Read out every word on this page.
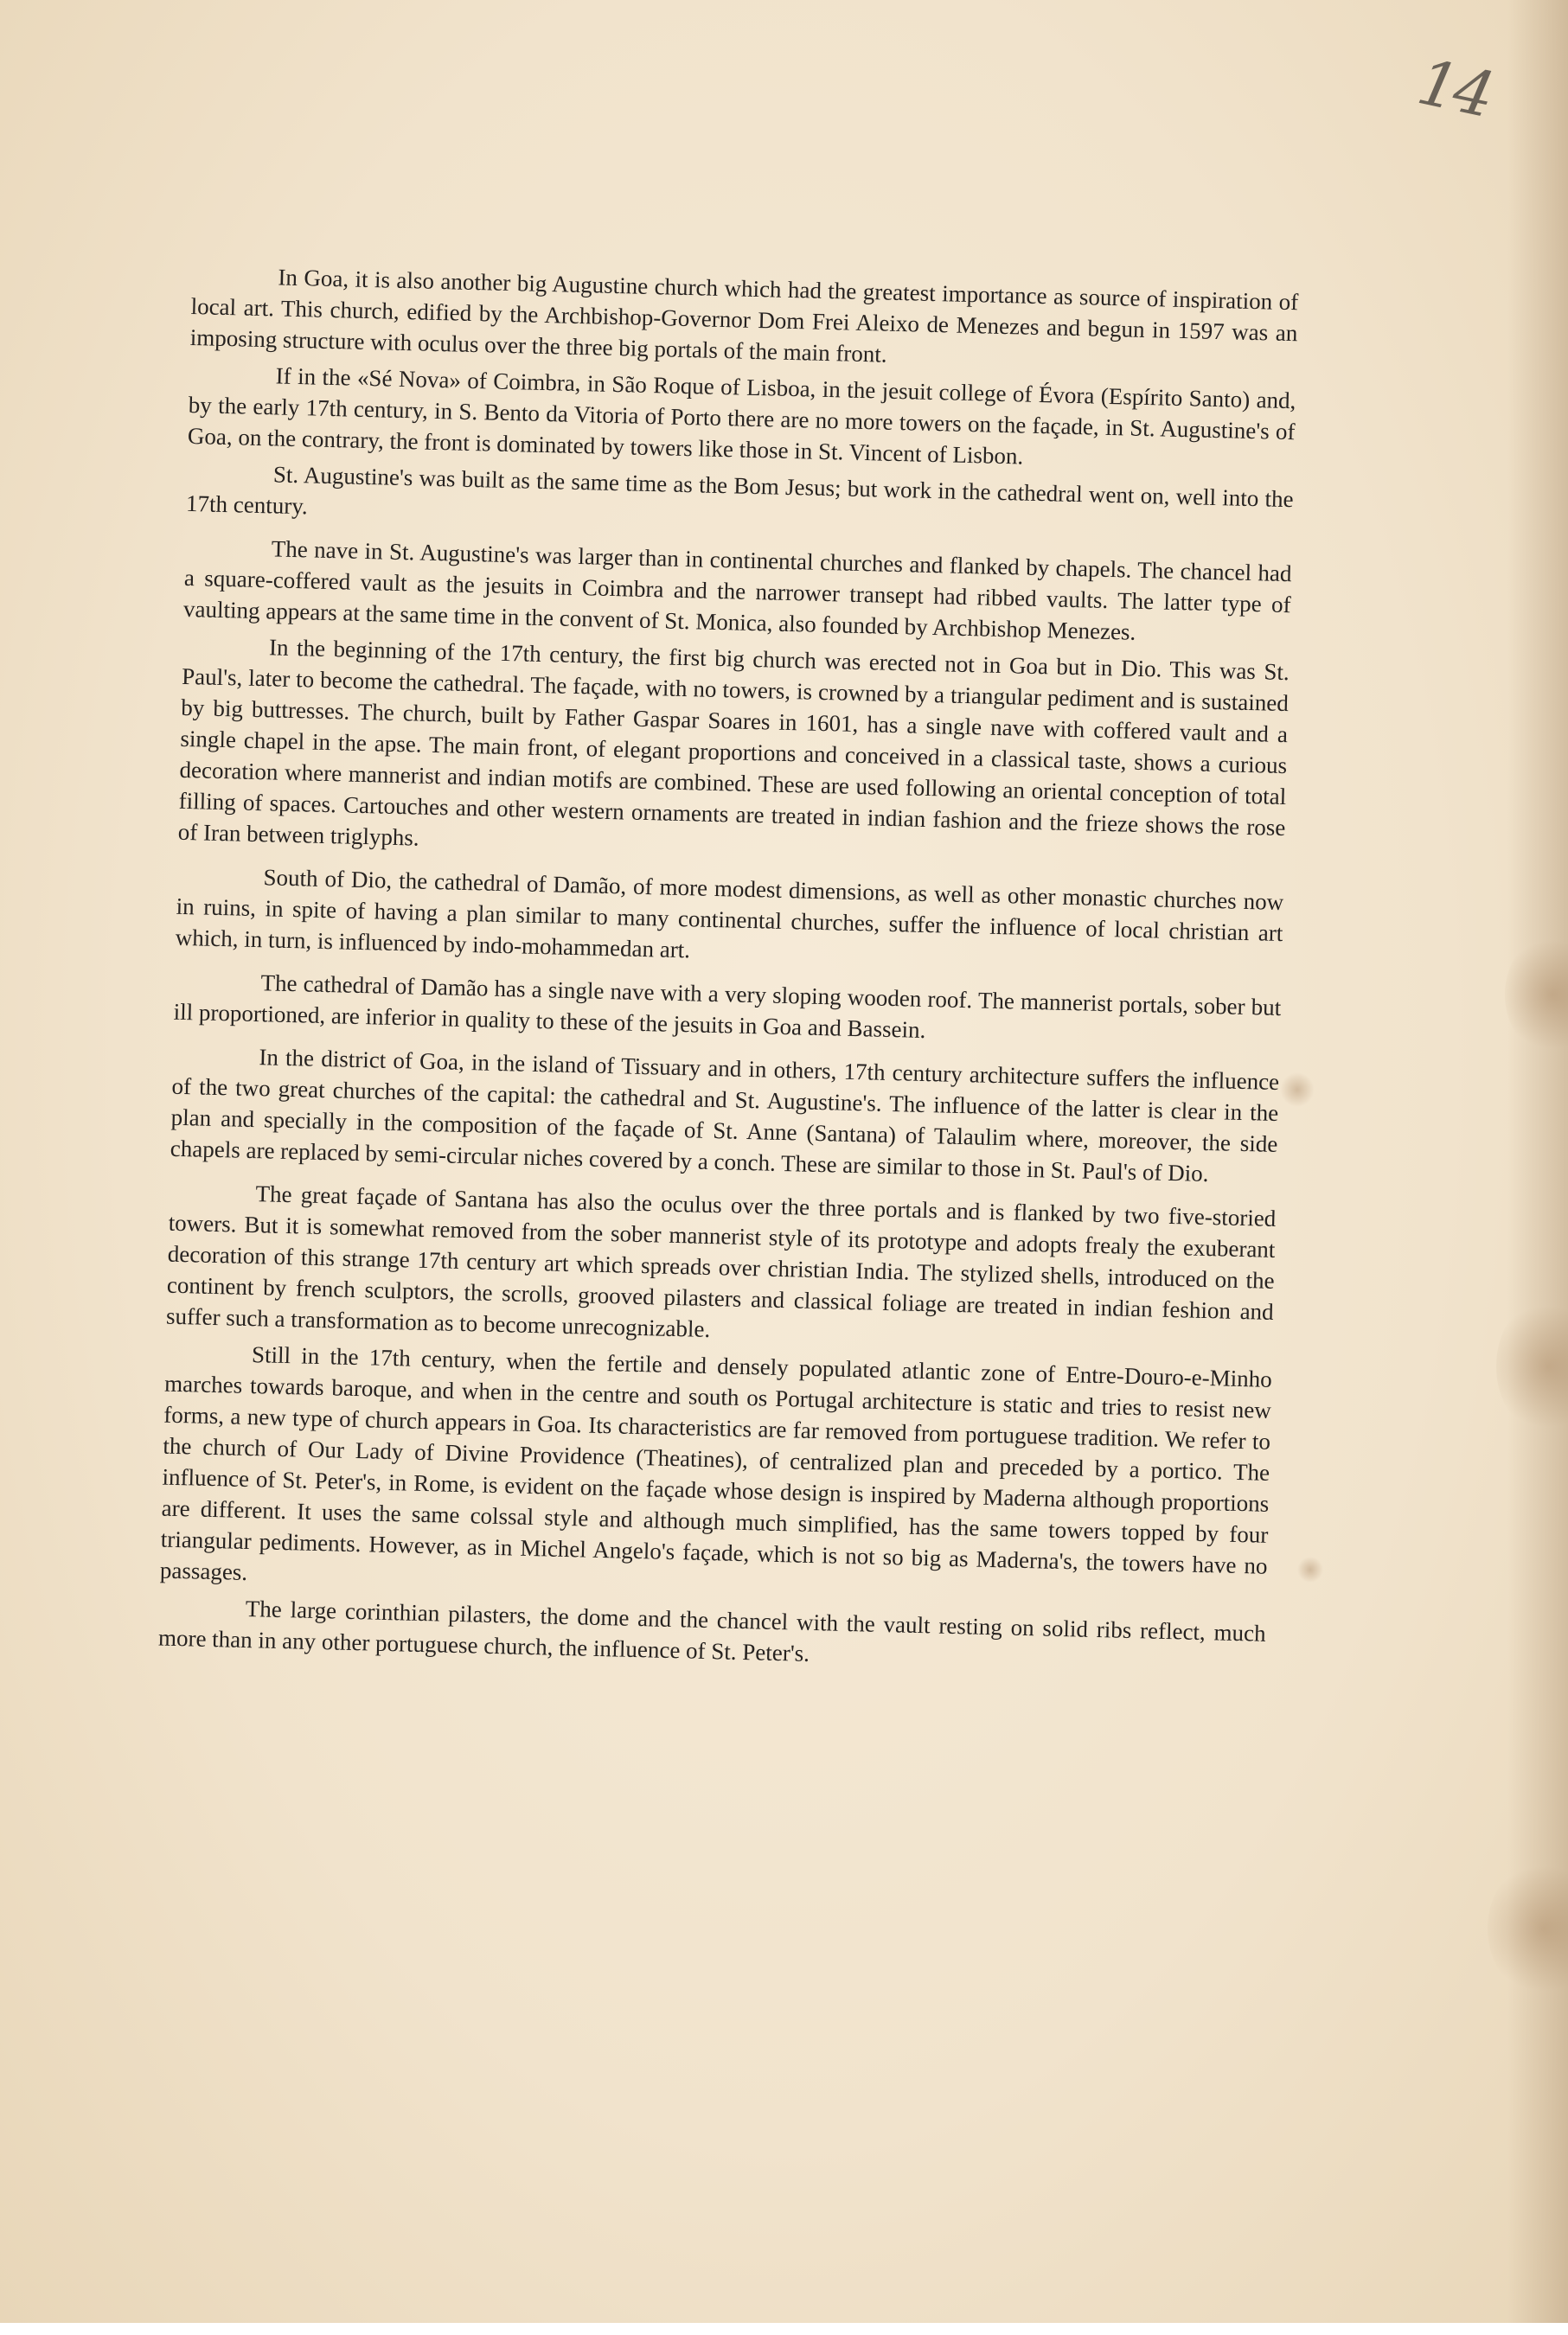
14

In Goa, it is also another big Augustine church which had the greatest importance as source of inspiration of local art. This church, edified by the Archbishop-Governor Dom Frei Aleixo de Menezes and begun in 1597 was an imposing structure with oculus over the three big portals of the main front.

If in the «Sé Nova» of Coimbra, in São Roque of Lisboa, in the jesuit college of Évora (Espírito Santo) and, by the early 17th century, in S. Bento da Vitoria of Porto there are no more towers on the façade, in St. Augustine's of Goa, on the contrary, the front is dominated by towers like those in St. Vincent of Lisbon.

St. Augustine's was built as the same time as the Bom Jesus; but work in the cathedral went on, well into the 17th century.

The nave in St. Augustine's was larger than in continental churches and flanked by chapels. The chancel had a square-coffered vault as the jesuits in Coimbra and the narrower transept had ribbed vaults. The latter type of vaulting appears at the same time in the convent of St. Monica, also founded by Archbishop Menezes.

In the beginning of the 17th century, the first big church was erected not in Goa but in Dio. This was St. Paul's, later to become the cathedral. The façade, with no towers, is crowned by a triangular pediment and is sustained by big buttresses. The church, built by Father Gaspar Soares in 1601, has a single nave with coffered vault and a single chapel in the apse. The main front, of elegant proportions and conceived in a classical taste, shows a curious decoration where mannerist and indian motifs are combined. These are used following an oriental conception of total filling of spaces. Cartouches and other western ornaments are treated in indian fashion and the frieze shows the rose of Iran between triglyphs.

South of Dio, the cathedral of Damão, of more modest dimensions, as well as other monastic churches now in ruins, in spite of having a plan similar to many continental churches, suffer the influence of local christian art which, in turn, is influenced by indo-mohammedan art.

The cathedral of Damão has a single nave with a very sloping wooden roof. The mannerist portals, sober but ill proportioned, are inferior in quality to these of the jesuits in Goa and Bassein.

In the district of Goa, in the island of Tissuary and in others, 17th century architecture suffers the influence of the two great churches of the capital: the cathedral and St. Augustine's. The influence of the latter is clear in the plan and specially in the composition of the façade of St. Anne (Santana) of Talaulim where, moreover, the side chapels are replaced by semi-circular niches covered by a conch. These are similar to those in St. Paul's of Dio.

The great façade of Santana has also the oculus over the three portals and is flanked by two five-storied towers. But it is somewhat removed from the sober mannerist style of its prototype and adopts frealy the exuberant decoration of this strange 17th century art which spreads over christian India. The stylized shells, introduced on the continent by french sculptors, the scrolls, grooved pilasters and classical foliage are treated in indian feshion and suffer such a transformation as to become unrecognizable.

Still in the 17th century, when the fertile and densely populated atlantic zone of Entre-Douro-e-Minho marches towards baroque, and when in the centre and south os Portugal architecture is static and tries to resist new forms, a new type of church appears in Goa. Its characteristics are far removed from portuguese tradition. We refer to the church of Our Lady of Divine Providence (Theatines), of centralized plan and preceded by a portico. The influence of St. Peter's, in Rome, is evident on the façade whose design is inspired by Maderna although proportions are different. It uses the same colssal style and although much simplified, has the same towers topped by four triangular pediments. However, as in Michel Angelo's façade, which is not so big as Maderna's, the towers have no passages.

The large corinthian pilasters, the dome and the chancel with the vault resting on solid ribs reflect, much more than in any other portuguese church, the influence of St. Peter's.
